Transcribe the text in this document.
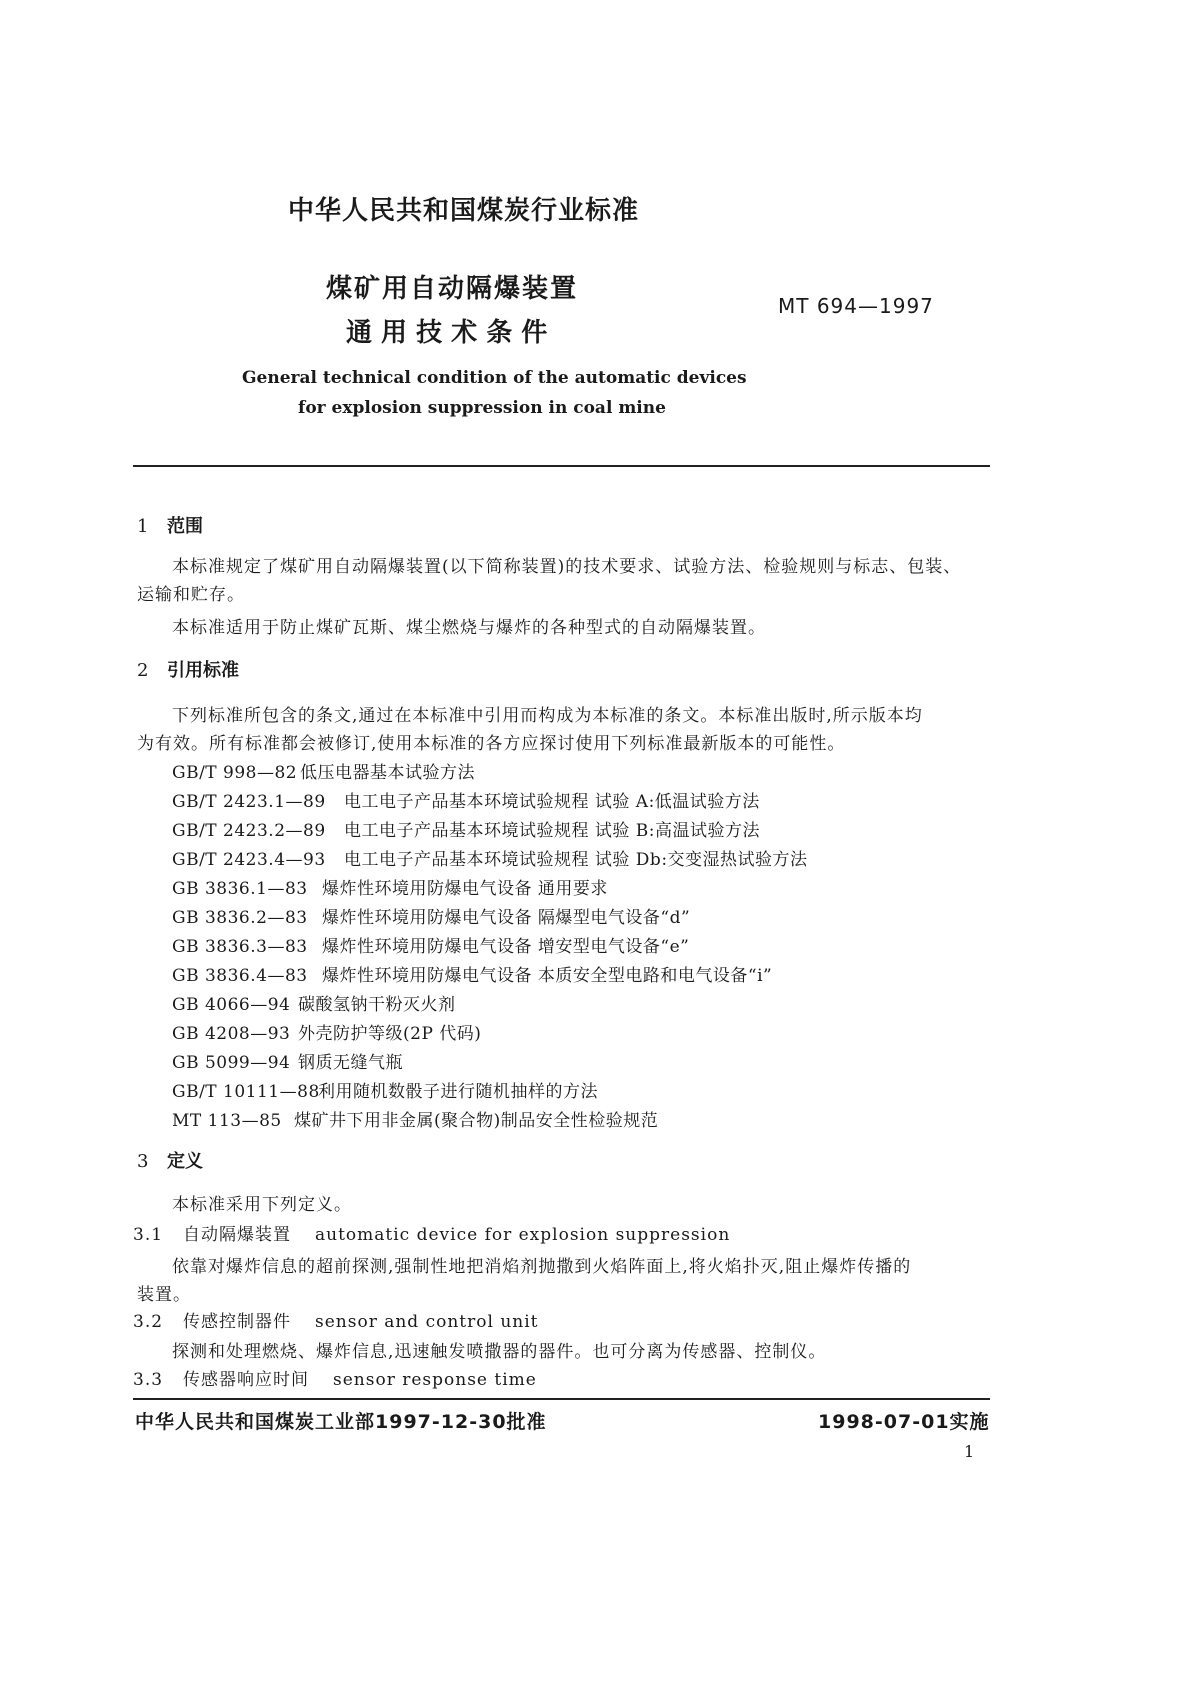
中华人民共和国煤炭行业标准
煤矿用自动隔爆装置
通 用 技 术 条 件
MT 694—1997
General technical condition of the automatic devices
for explosion suppression in coal mine
1 范围
本标准规定了煤矿用自动隔爆装置(以下简称装置)的技术要求、试验方法、检验规则与标志、包装、
运输和贮存。
本标准适用于防止煤矿瓦斯、煤尘燃烧与爆炸的各种型式的自动隔爆装置。
2 引用标准
下列标准所包含的条文,通过在本标准中引用而构成为本标准的条文。本标准出版时,所示版本均
为有效。所有标准都会被修订,使用本标准的各方应探讨使用下列标准最新版本的可能性。
GB/T 998—82 低压电器基本试验方法
GB/T 2423.1—89 电工电子产品基本环境试验规程 试验 A:低温试验方法
GB/T 2423.2—89 电工电子产品基本环境试验规程 试验 B:高温试验方法
GB/T 2423.4—93 电工电子产品基本环境试验规程 试验 Db:交变湿热试验方法
GB 3836.1—83 爆炸性环境用防爆电气设备 通用要求
GB 3836.2—83 爆炸性环境用防爆电气设备 隔爆型电气设备“d”
GB 3836.3—83 爆炸性环境用防爆电气设备 增安型电气设备“e”
GB 3836.4—83 爆炸性环境用防爆电气设备 本质安全型电路和电气设备“i”
GB 4066—94 碳酸氢钠干粉灭火剂
GB 4208—93 外壳防护等级(2P 代码)
GB 5099—94 钢质无缝气瓶
GB/T 10111—88利用随机数骰子进行随机抽样的方法
MT 113—85 煤矿井下用非金属(聚合物)制品安全性检验规范
3 定义
本标准采用下列定义。
3.1 自动隔爆装置 automatic device for explosion suppression
依靠对爆炸信息的超前探测,强制性地把消焰剂抛撒到火焰阵面上,将火焰扑灭,阻止爆炸传播的
装置。
3.2 传感控制器件 sensor and control unit
探测和处理燃烧、爆炸信息,迅速触发喷撒器的器件。也可分离为传感器、控制仪。
3.3 传感器响应时间 sensor response time
中华人民共和国煤炭工业部1997-12-30批准	1998-07-01实施
1
